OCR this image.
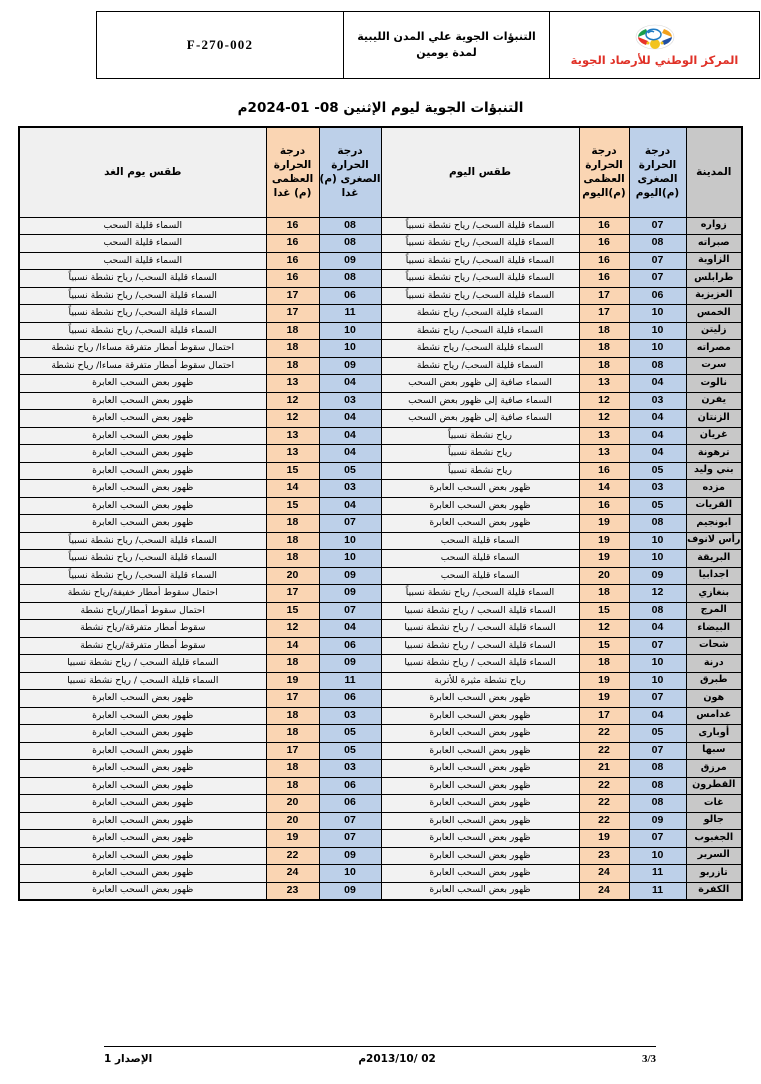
المركز الوطني للأرصاد الجوية
التنبؤات الجوية علي المدن الليبية
لمدة يومين
F-270-002
التنبؤات الجوية ليوم الإثنين 08- 01-2024م
المدينة	درجة الحرارة الصغرى (م)اليوم	درجة الحرارة العظمى (م)اليوم	طقس اليوم	درجة الحرارة الصغرى (م) غدا	درجة الحرارة العظمى (م) غدا	طقس يوم الغد
زواره	07	16	السماء قليلة السحب/ رياح نشطة نسبياً	08	16	السماء قليلة السحب
صبراته	08	16	السماء قليلة السحب/ رياح نشطة نسبياً	08	16	السماء قليلة السحب
الزاوية	07	16	السماء قليلة السحب/ رياح نشطة نسبياً	09	16	السماء قليلة السحب
طرابلس	07	16	السماء قليلة السحب/ رياح نشطة نسبياً	08	16	السماء قليلة السحب/ رياح نشطة نسبياً
العزيزية	06	17	السماء قليلة السحب/ رياح نشطة نسبياً	06	17	السماء قليلة السحب/ رياح نشطة نسبياً
الخمس	10	17	السماء قليلة السحب/ رياح نشطة	11	17	السماء قليلة السحب/ رياح نشطة نسبياً
زليتن	10	18	السماء قليلة السحب/ رياح نشطة	10	18	السماء قليلة السحب/ رياح نشطة نسبياً
مصراته	10	18	السماء قليلة السحب/ رياح نشطة	10	18	احتمال سقوط أمطار متفرقة مساءا/ رياح نشطة
سرت	08	18	السماء قليلة السحب/ رياح نشطة	09	18	احتمال سقوط أمطار متفرقة مساءا/ رياح نشطة
نالوت	04	13	السماء صافية إلى ظهور بعض السحب	04	13	ظهور بعض السحب العابرة
يفرن	03	12	السماء صافية إلى ظهور بعض السحب	03	12	ظهور بعض السحب العابرة
الزنتان	04	12	السماء صافية إلى ظهور بعض السحب	04	12	ظهور بعض السحب العابرة
غريان	04	13	رياح نشطة نسبياً	04	13	ظهور بعض السحب العابرة
ترهونة	04	13	رياح نشطة نسبياً	04	13	ظهور بعض السحب العابرة
بني وليد	05	16	رياح نشطة نسبياً	05	15	ظهور بعض السحب العابرة
مزده	03	14	ظهور بعض السحب العابرة	03	14	ظهور بعض السحب العابرة
القريات	05	16	ظهور بعض السحب العابرة	04	15	ظهور بعض السحب العابرة
ابونجيم	08	19	ظهور بعض السحب العابرة	07	18	ظهور بعض السحب العابرة
رأس لانوف	10	19	السماء قليلة السحب	10	18	السماء قليلة السحب/ رياح نشطة نسبياً
البريقة	10	19	السماء قليلة السحب	10	18	السماء قليلة السحب/ رياح نشطة نسبياً
اجدابيا	09	20	السماء قليلة السحب	09	20	السماء قليلة السحب/ رياح نشطة نسبياً
بنغازي	12	18	السماء قليلة السحب/ رياح نشطة نسبياً	09	17	احتمال سقوط أمطار خفيفة/رياح نشطة
المرج	08	15	السماء قليلة السحب / رياح نشطة نسبيا	07	15	احتمال سقوط أمطار/رياح نشطة
البيضاء	04	12	السماء قليلة السحب / رياح نشطة نسبيا	04	12	سقوط أمطار متفرقة/رياح نشطة
شحات	07	15	السماء قليلة السحب / رياح نشطة نسبيا	06	14	سقوط أمطار متفرقة/رياح نشطة
درنة	10	18	السماء قليلة السحب / رياح نشطة نسبيا	09	18	السماء قليلة السحب / رياح نشطة نسبيا
طبرق	10	19	رياح نشطة مثيرة للأتربة	11	19	السماء قليلة السحب / رياح نشطة نسبيا
هون	07	19	ظهور بعض السحب العابرة	06	17	ظهور بعض السحب العابرة
غدامس	04	17	ظهور بعض السحب العابرة	03	18	ظهور بعض السحب العابرة
أوبارى	05	22	ظهور بعض السحب العابرة	05	18	ظهور بعض السحب العابرة
سبها	07	22	ظهور بعض السحب العابرة	05	17	ظهور بعض السحب العابرة
مرزق	08	21	ظهور بعض السحب العابرة	03	18	ظهور بعض السحب العابرة
القطرون	08	22	ظهور بعض السحب العابرة	06	18	ظهور بعض السحب العابرة
غات	08	22	ظهور بعض السحب العابرة	06	20	ظهور بعض السحب العابرة
جالو	09	22	ظهور بعض السحب العابرة	07	20	ظهور بعض السحب العابرة
الجغبوب	07	19	ظهور بعض السحب العابرة	07	19	ظهور بعض السحب العابرة
السرير	10	23	ظهور بعض السحب العابرة	09	22	ظهور بعض السحب العابرة
تازربو	11	24	ظهور بعض السحب العابرة	10	24	ظهور بعض السحب العابرة
الكفرة	11	24	ظهور بعض السحب العابرة	09	23	ظهور بعض السحب العابرة
3/3
02 /2013/10م
الإصدار 1
